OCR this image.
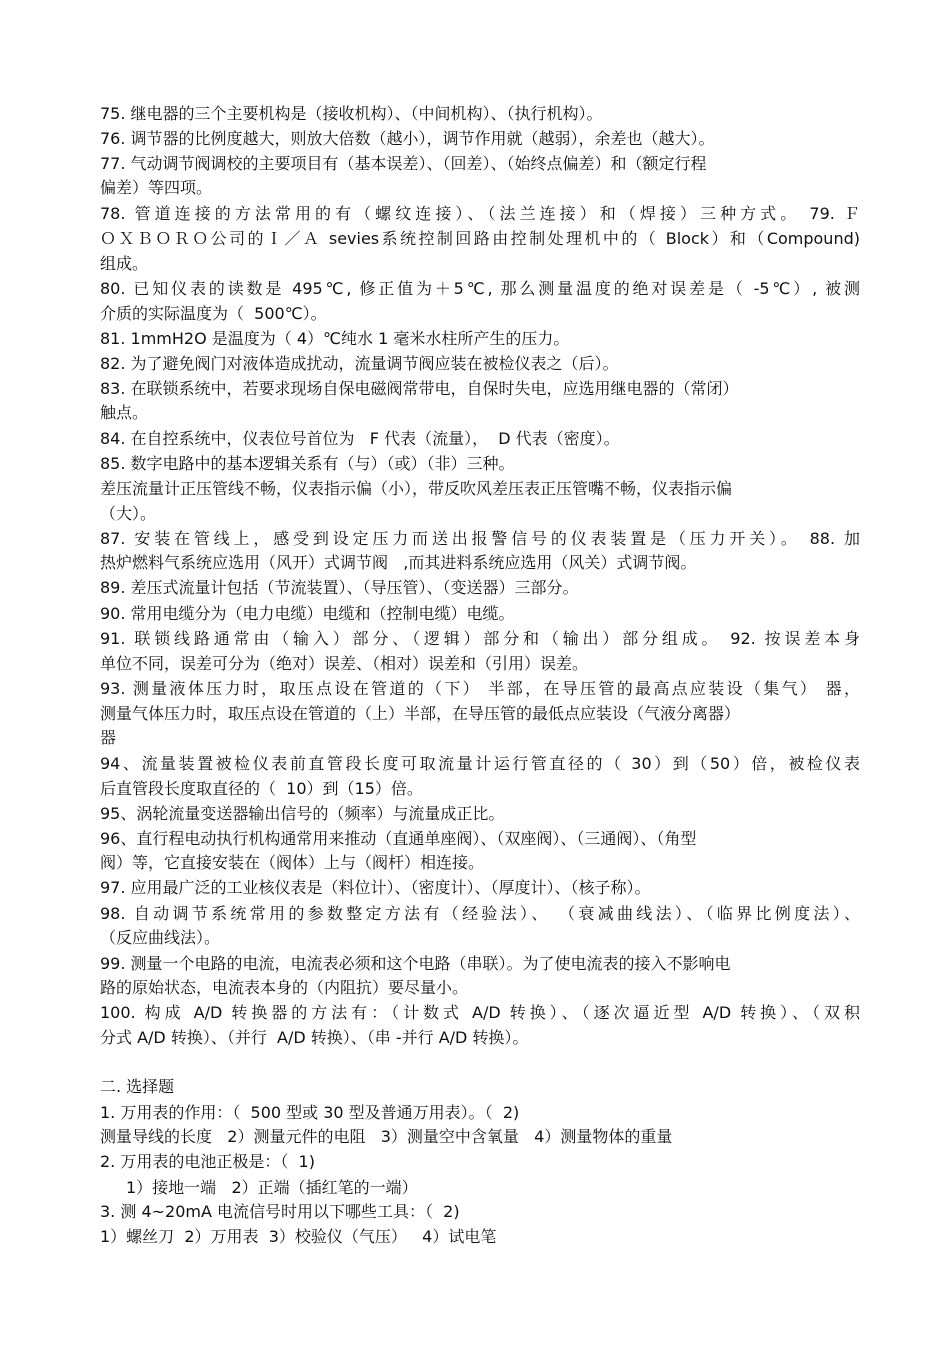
75. 继电器的三个主要机构是（接收机构）、（中间机构）、（执行机构）。
76. 调节器的比例度越大，则放大倍数（越小），调节作用就（越弱），余差也（越大）。
77. 气动调节阀调校的主要项目有（基本误差）、（回差）、（始终点偏差）和（额定行程
偏差）等四项。
78. 管道连接的方法常用的有（螺纹连接）、（法兰连接）和（焊接）三种方式。 79. Ｆ
ＯＸＢＯＲＯ公司的Ｉ／Ａ sevies系统控制回路由控制处理机中的（ Block）和（Compound)
组成。
80. 已知仪表的读数是 495℃, 修正值为＋5℃, 那么测量温度的绝对误差是（ -5℃）, 被测
介质的实际温度为（  500℃）。
81. 1mmH2O 是温度为（ 4）℃纯水 1 毫米水柱所产生的压力。
82. 为了避免阀门对液体造成扰动，流量调节阀应装在被检仪表之（后）。
83. 在联锁系统中，若要求现场自保电磁阀常带电，自保时失电，应选用继电器的（常闭）
触点。
84. 在自控系统中，仪表位号首位为   F 代表（流量），  D 代表（密度）。
85. 数字电路中的基本逻辑关系有（与）（或）（非）三种。
差压流量计正压管线不畅，仪表指示偏（小），带反吹风差压表正压管嘴不畅，仪表指示偏
（大）。
87. 安装在管线上，感受到设定压力而送出报警信号的仪表装置是（压力开关）。 88. 加
热炉燃料气系统应选用（风开）式调节阀   ,而其进料系统应选用（风关）式调节阀。
89. 差压式流量计包括（节流装置）、（导压管）、（变送器）三部分。
90. 常用电缆分为（电力电缆）电缆和（控制电缆）电缆。
91. 联锁线路通常由（输入）部分、（逻辑）部分和（输出）部分组成。 92. 按误差本身
单位不同，误差可分为（绝对）误差、（相对）误差和（引用）误差。
93. 测量液体压力时，取压点设在管道的（下） 半部，在导压管的最高点应装设（集气） 器，
测量气体压力时，取压点设在管道的（上）半部，在导压管的最低点应装设（气液分离器）
器
94、流量装置被检仪表前直管段长度可取流量计运行管直径的（ 30）到（50）倍，被检仪表
后直管段长度取直径的（  10）到（15）倍。
95、涡轮流量变送器输出信号的（频率）与流量成正比。
96、直行程电动执行机构通常用来推动（直通单座阀）、（双座阀）、（三通阀）、（角型
阀）等，它直接安装在（阀体）上与（阀杆）相连接。
97. 应用最广泛的工业核仪表是（料位计）、（密度计）、（厚度计）、（核子称）。
98. 自动调节系统常用的参数整定方法有（经验法）、 （衰减曲线法）、（临界比例度法）、
（反应曲线法）。
99. 测量一个电路的电流，电流表必须和这个电路（串联）。为了使电流表的接入不影响电
路的原始状态，电流表本身的（内阻抗）要尽量小。
100. 构成 A/D 转换器的方法有：（计数式 A/D 转换）、（逐次逼近型 A/D 转换）、（双积
分式 A/D 转换）、（并行  A/D 转换）、（串 -并行 A/D 转换）。
二. 选择题
1. 万用表的作用：（  500 型或 30 型及普通万用表）。（  2)
测量导线的长度   2）测量元件的电阻   3）测量空中含氧量   4）测量物体的重量
2. 万用表的电池正极是：（  1)
1）接地一端   2）正端（插红笔的一端）
3. 测 4~20mA 电流信号时用以下哪些工具：（  2)
1）螺丝刀  2）万用表  3）校验仪（气压）   4）试电笔
